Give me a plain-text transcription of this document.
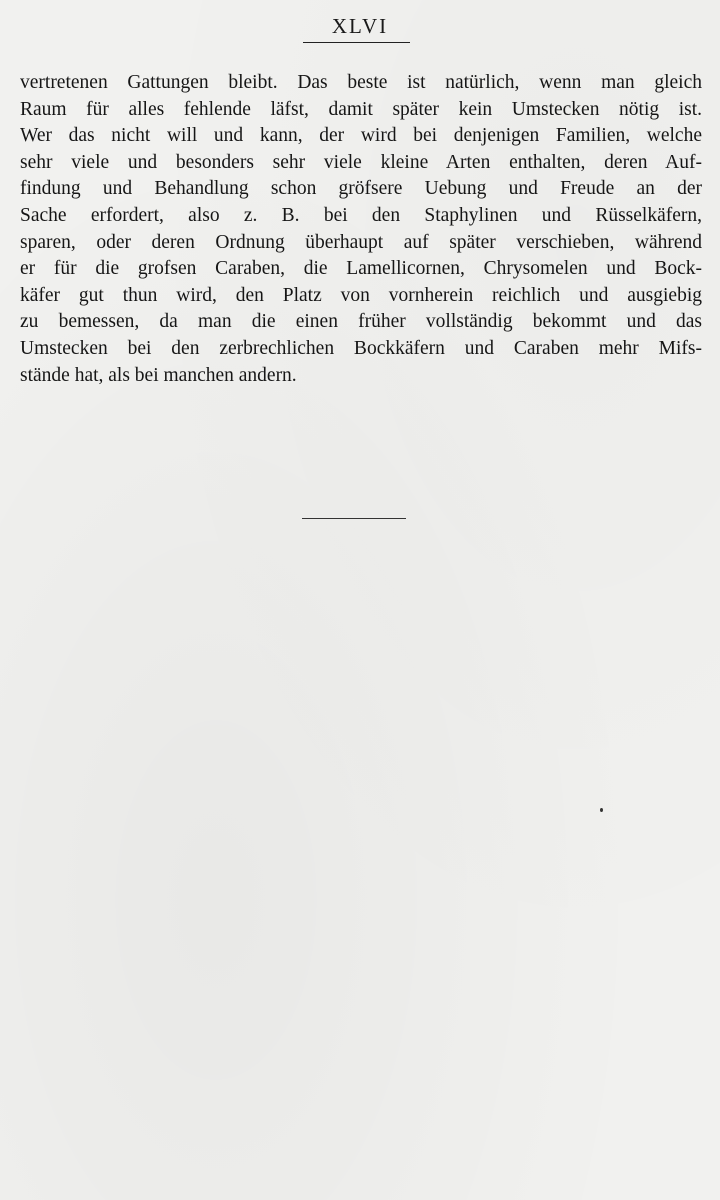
XLVI
vertretenen Gattungen bleibt. Das beste ist natürlich, wenn man gleich
Raum für alles fehlende läfst, damit später kein Umstecken nötig ist.
Wer das nicht will und kann, der wird bei denjenigen Familien, welche
sehr viele und besonders sehr viele kleine Arten enthalten, deren Auf-
findung und Behandlung schon gröfsere Uebung und Freude an der
Sache erfordert, also z. B. bei den Staphylinen und Rüsselkäfern,
sparen, oder deren Ordnung überhaupt auf später verschieben, während
er für die grofsen Caraben, die Lamellicornen, Chrysomelen und Bock-
käfer gut thun wird, den Platz von vornherein reichlich und ausgiebig
zu bemessen, da man die einen früher vollständig bekommt und das
Umstecken bei den zerbrechlichen Bockkäfern und Caraben mehr Mifs-
stände hat, als bei manchen andern.
